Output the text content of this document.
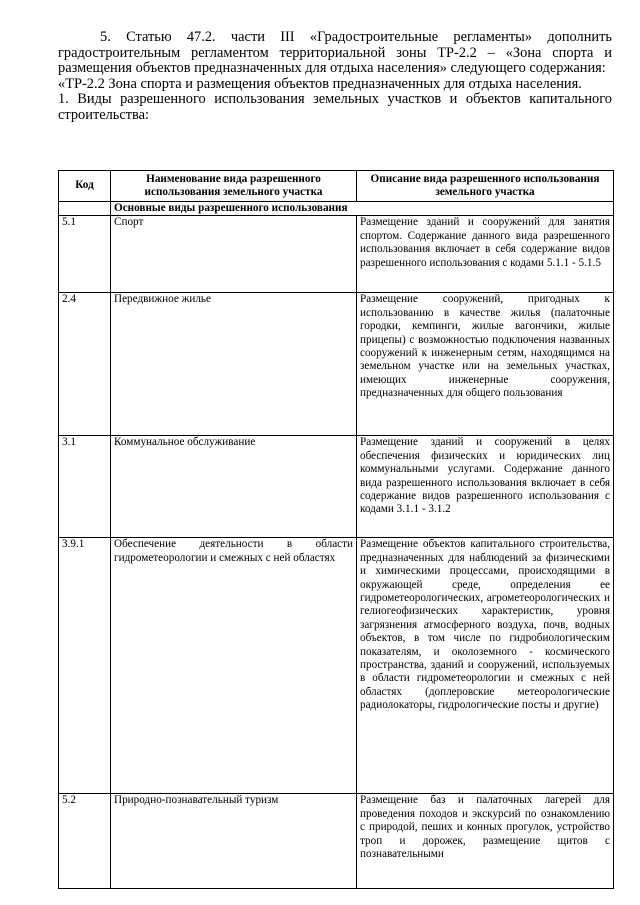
5. Статью 47.2. части III «Градостроительные регламенты» дополнить градостроительным регламентом территориальной зоны ТР-2.2 – «Зона спорта и размещения объектов предназначенных для отдыха населения» следующего содержания:

«ТР-2.2 Зона спорта и размещения объектов предназначенных для отдыха населения.

1. Виды разрешенного использования земельных участков и объектов капитального строительства:

Код	Наименование вида разрешенного использования земельного участка	Описание вида разрешенного использования земельного участка
	Основные виды разрешенного использования	
5.1	Спорт	Размещение зданий и сооружений для занятия спортом. Содержание данного вида разрешенного использования включает в себя содержание видов разрешенного использования с кодами 5.1.1 - 5.1.5
2.4	Передвижное жилье	Размещение сооружений, пригодных к использованию в качестве жилья (палаточные городки, кемпинги, жилые вагончики, жилые прицепы) с возможностью подключения названных сооружений к инженерным сетям, находящимся на земельном участке или на земельных участках, имеющих инженерные сооружения, предназначенных для общего пользования
3.1	Коммунальное обслуживание	Размещение зданий и сооружений в целях обеспечения физических и юридических лиц коммунальными услугами. Содержание данного вида разрешенного использования включает в себя содержание видов разрешенного использования с кодами 3.1.1 - 3.1.2
3.9.1	Обеспечение деятельности в области гидрометеорологии и смежных с ней областях	Размещение объектов капитального строительства, предназначенных для наблюдений за физическими и химическими процессами, происходящими в окружающей среде, определения ее гидрометеорологических, агрометеорологических и гелиогеофизических характеристик, уровня загрязнения атмосферного воздуха, почв, водных объектов, в том числе по гидробиологическим показателям, и околоземного - космического пространства, зданий и сооружений, используемых в области гидрометеорологии и смежных с ней областях (доплеровские метеорологические радиолокаторы, гидрологические посты и другие)
5.2	Природно-познавательный туризм	Размещение баз и палаточных лагерей для проведения походов и экскурсий по ознакомлению с природой, пеших и конных прогулок, устройство троп и дорожек, размещение щитов с познавательными
